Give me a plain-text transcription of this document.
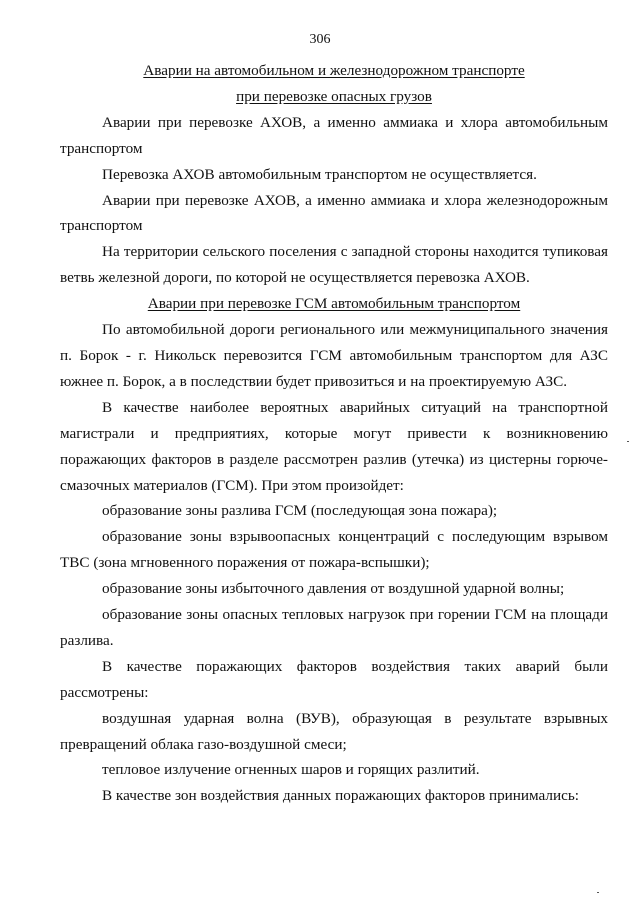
306

Аварии на автомобильном и железнодорожном транспорте

при перевозке опасных грузов

Аварии при перевозке АХОВ, а именно аммиака и хлора автомобильным транспортом

Перевозка АХОВ автомобильным транспортом не осуществляется.

Аварии при перевозке АХОВ, а именно аммиака и хлора железнодорожным транспортом

На территории сельского поселения с западной стороны находится тупиковая ветвь железной дороги, по которой не осуществляется перевозка АХОВ.

Аварии при перевозке ГСМ автомобильным транспортом

По автомобильной дороги регионального или межмуниципального значения п. Борок - г. Никольск перевозится ГСМ автомобильным транспортом для АЗС южнее п. Борок, а в последствии будет привозиться и на проектируемую АЗС.

В качестве наиболее вероятных аварийных ситуаций на транспортной магистрали и предприятиях, которые могут привести к возникновению поражающих факторов в разделе рассмотрен разлив (утечка) из цистерны горюче-смазочных материалов (ГСМ). При этом произойдет:

образование зоны разлива ГСМ (последующая зона пожара);

образование зоны взрывоопасных концентраций с последующим взрывом ТВС (зона мгновенного поражения от пожара-вспышки);

образование зоны избыточного давления от воздушной ударной волны;

образование зоны опасных тепловых нагрузок при горении ГСМ на площади разлива.

В качестве поражающих факторов воздействия таких аварий были рассмотрены:

воздушная ударная волна (ВУВ), образующая в результате взрывных превращений облака газо-воздушной смеси;

тепловое излучение огненных шаров и горящих разлитий.

В качестве зон воздействия данных поражающих факторов принимались:
